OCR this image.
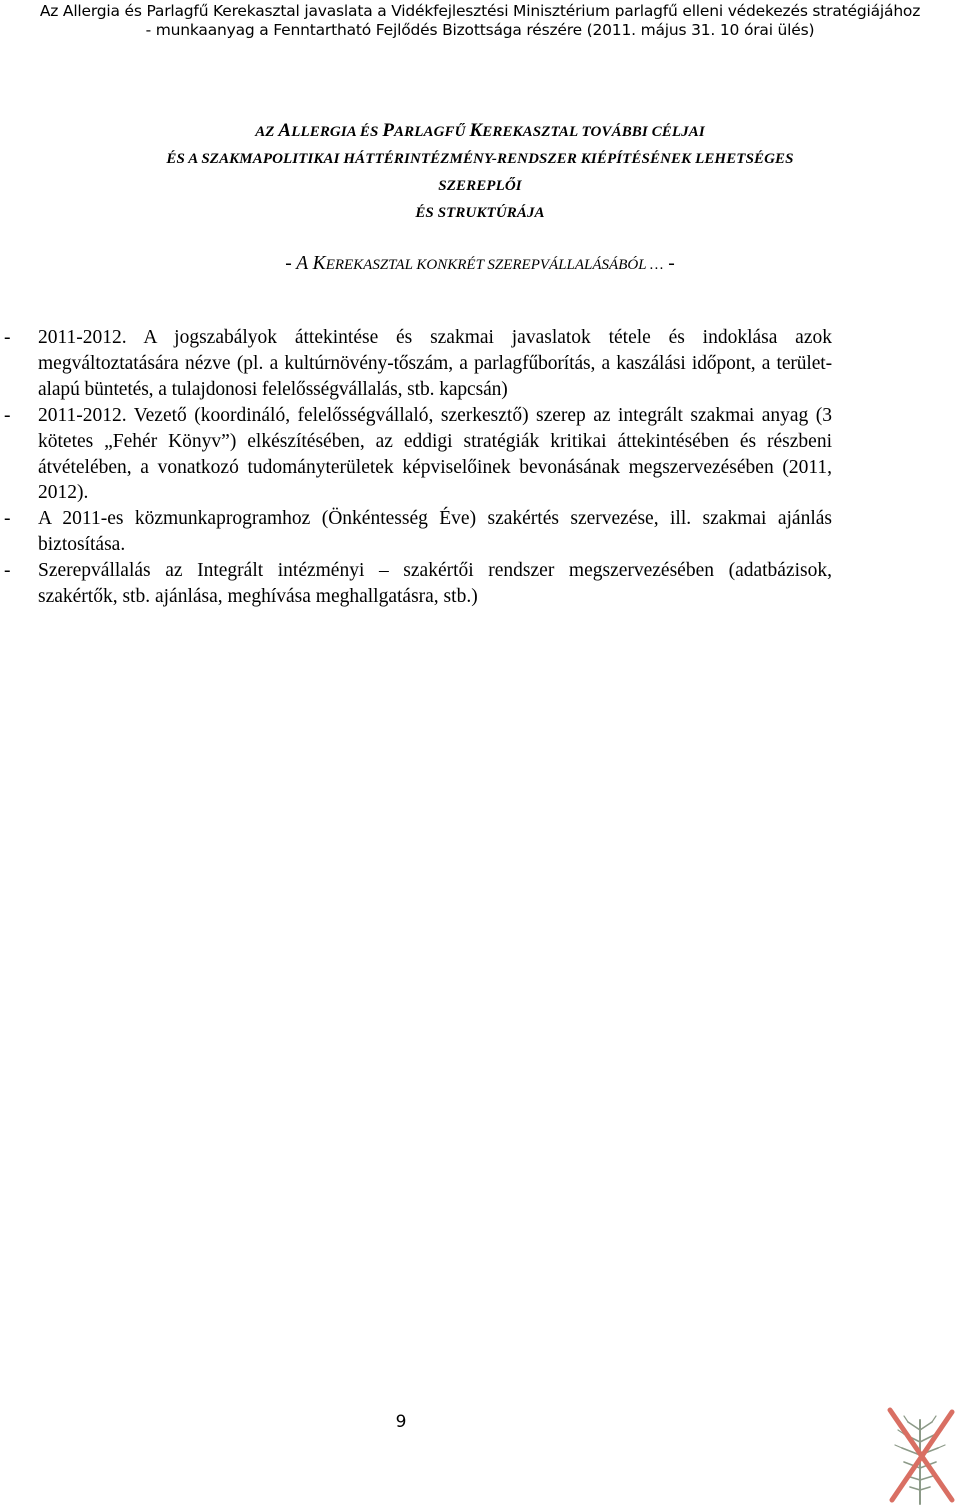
Az Allergia és Parlagfű Kerekasztal javaslata a Vidékfejlesztési Minisztérium parlagfű elleni védekezés stratégiájához
- munkaanyag a Fenntartható Fejlődés Bizottsága részére (2011. május 31. 10 órai ülés)
AZ ALLERGIA ÉS PARLAGFŰ KEREKASZTAL TOVÁBBI CÉLJAI
ÉS A SZAKMAPOLITIKAI HÁTTÉRINTÉZMÉNY-RENDSZER KIÉPÍTÉSÉNEK LEHETSÉGES
SZEREPLŐI
ÉS STRUKTÚRÁJA
- A KEREKASZTAL KONKRÉT SZEREPVÁLLALÁSÁBÓL … -
- 2011-2012. A jogszabályok áttekintése és szakmai javaslatok tétele és indoklása azok megváltoztatására nézve (pl. a kultúrnövény-tőszám, a parlagfűborítás, a kaszálási időpont, a terület-alapú büntetés, a tulajdonosi felelősségvállalás, stb. kapcsán)
- 2011-2012. Vezető (koordináló, felelősségvállaló, szerkesztő) szerep az integrált szakmai anyag (3 kötetes „Fehér Könyv”) elkészítésében, az eddigi stratégiák kritikai áttekintésében és részbeni átvételében, a vonatkozó tudományterületek képviselőinek bevonásának megszervezésében (2011, 2012).
- A 2011-es közmunkaprogramhoz (Önkéntesség Éve) szakértés szervezése, ill. szakmai ajánlás biztosítása.
- Szerepvállalás az Integrált intézményi – szakértői rendszer megszervezésében (adatbázisok, szakértők, stb. ajánlása, meghívása meghallgatásra, stb.)
9
